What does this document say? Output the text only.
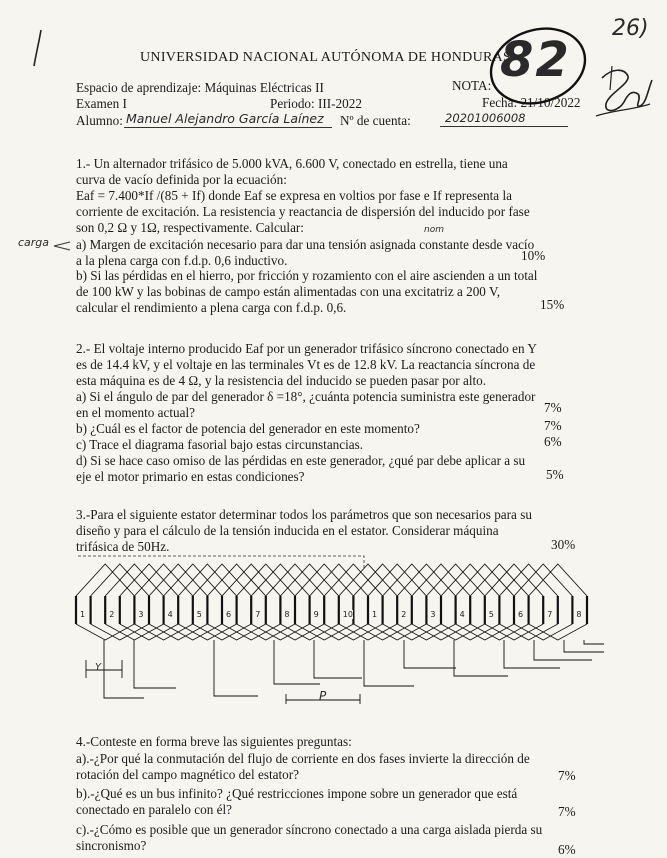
UNIVERSIDAD NACIONAL AUTÓNOMA DE HONDURAS
Espacio de aprendizaje: Máquinas Eléctricas II
Examen I	Periodo: III-2022
Alumno: Manuel Alejandro García Laínez Nº de cuenta:	20201006008
NOTA:
Fecha: 21/10/2022
82
26)
1.- Un alternador trifásico de 5.000 kVA, 6.600 V, conectado en estrella, tiene una
curva de vacío definida por la ecuación:
Eaf = 7.400*If /(85 + If) donde Eaf se expresa en voltios por fase e If representa la
corriente de excitación. La resistencia y reactancia de dispersión del inducido por fase
son 0,2 Ω y 1Ω, respectivamente. Calcular:	nom
carga a) Margen de excitación necesario para dar una tensión asignada constante desde vacío
a la plena carga con f.d.p. 0,6 inductivo.	10%
b) Si las pérdidas en el hierro, por fricción y rozamiento con el aire ascienden a un total
de 100 kW y las bobinas de campo están alimentadas con una excitatriz a 200 V,
calcular el rendimiento a plena carga con f.d.p. 0,6.	15%
2.- El voltaje interno producido Eaf por un generador trifásico síncrono conectado en Y
es de 14.4 kV, y el voltaje en las terminales Vt es de 12.8 kV. La reactancia síncrona de
esta máquina es de 4 Ω, y la resistencia del inducido se pueden pasar por alto.
a) Si el ángulo de par del generador δ =18°, ¿cuánta potencia suministra este generador
en el momento actual?	7%
b) ¿Cuál es el factor de potencia del generador en este momento?	7%
c) Trace el diagrama fasorial bajo estas circunstancias.	6%
d) Si se hace caso omiso de las pérdidas en este generador, ¿qué par debe aplicar a su
eje el motor primario en estas condiciones?	5%
3.-Para el siguiente estator determinar todos los parámetros que son necesarios para su
diseño y para el cálculo de la tensión inducida en el estator. Considerar máquina
trifásica de 50Hz.	30%
1	2	3	4	5	6	7	8	9	10 1	2	3	4	5	6	7	8
Y
P
4.-Conteste en forma breve las siguientes preguntas:
a).-¿Por qué la conmutación del flujo de corriente en dos fases invierte la dirección de
rotación del campo magnético del estator?	7%
b).-¿Qué es un bus infinito? ¿Qué restricciones impone sobre un generador que está
conectado en paralelo con él?	7%
c).-¿Cómo es posible que un generador síncrono conectado a una carga aislada pierda su
sincronismo?	6%
